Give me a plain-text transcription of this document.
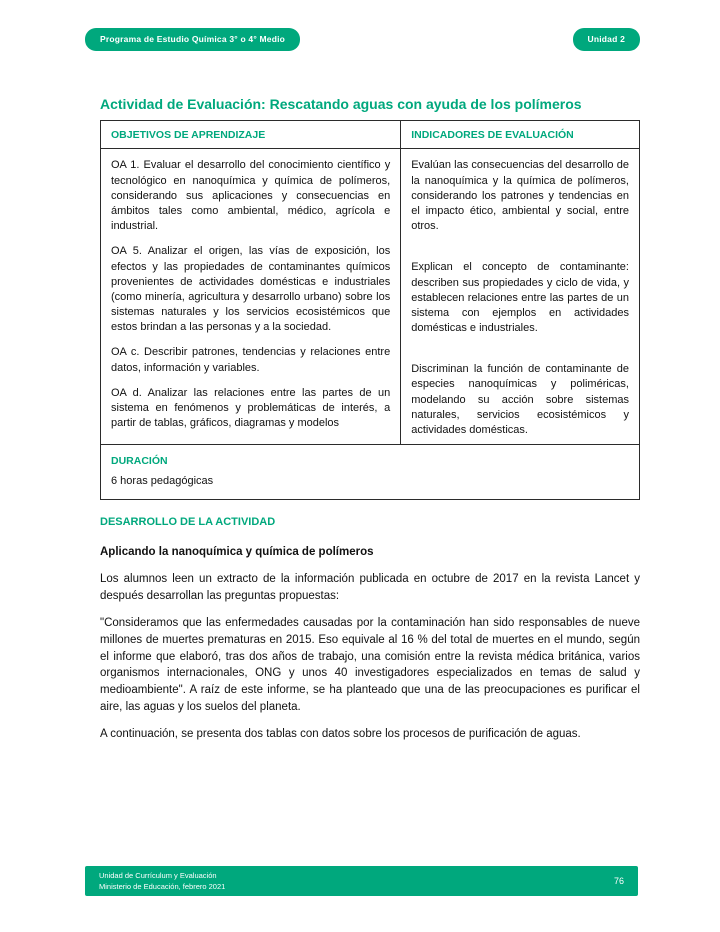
Programa de Estudio Química 3° o 4° Medio	Unidad 2
Actividad de Evaluación: Rescatando aguas con ayuda de los polímeros
OBJETIVOS DE APRENDIZAJE	INDICADORES DE EVALUACIÓN

OA 1. Evaluar el desarrollo del conocimiento científico y tecnológico en nanoquímica y química de polímeros, considerando sus aplicaciones y consecuencias en ámbitos tales como ambiental, médico, agrícola e industrial.

OA 5. Analizar el origen, las vías de exposición, los efectos y las propiedades de contaminantes químicos provenientes de actividades domésticas e industriales (como minería, agricultura y desarrollo urbano) sobre los sistemas naturales y los servicios ecosistémicos que estos brindan a las personas y a la sociedad.

OA c. Describir patrones, tendencias y relaciones entre datos, información y variables.

OA d. Analizar las relaciones entre las partes de un sistema en fenómenos y problemáticas de interés, a partir de tablas, gráficos, diagramas y modelos

Evalúan las consecuencias del desarrollo de la nanoquímica y la química de polímeros, considerando los patrones y tendencias en el impacto ético, ambiental y social, entre otros.

Explican el concepto de contaminante: describen sus propiedades y ciclo de vida, y establecen relaciones entre las partes de un sistema con ejemplos en actividades domésticas e industriales.

Discriminan la función de contaminante de especies nanoquímicas y poliméricas, modelando su acción sobre sistemas naturales, servicios ecosistémicos y actividades domésticas.

DURACIÓN
6 horas pedagógicas
DESARROLLO DE LA ACTIVIDAD
Aplicando la nanoquímica y química de polímeros

Los alumnos leen un extracto de la información publicada en octubre de 2017 en la revista Lancet y después desarrollan las preguntas propuestas:

"Consideramos que las enfermedades causadas por la contaminación han sido responsables de nueve millones de muertes prematuras en 2015. Eso equivale al 16 % del total de muertes en el mundo, según el informe que elaboró, tras dos años de trabajo, una comisión entre la revista médica británica, varios organismos internacionales, ONG y unos 40 investigadores especializados en temas de salud y medioambiente". A raíz de este informe, se ha planteado que una de las preocupaciones es purificar el aire, las aguas y los suelos del planeta.

A continuación, se presenta dos tablas con datos sobre los procesos de purificación de aguas.

Unidad de Currículum y Evaluación
Ministerio de Educación, febrero 2021
76
